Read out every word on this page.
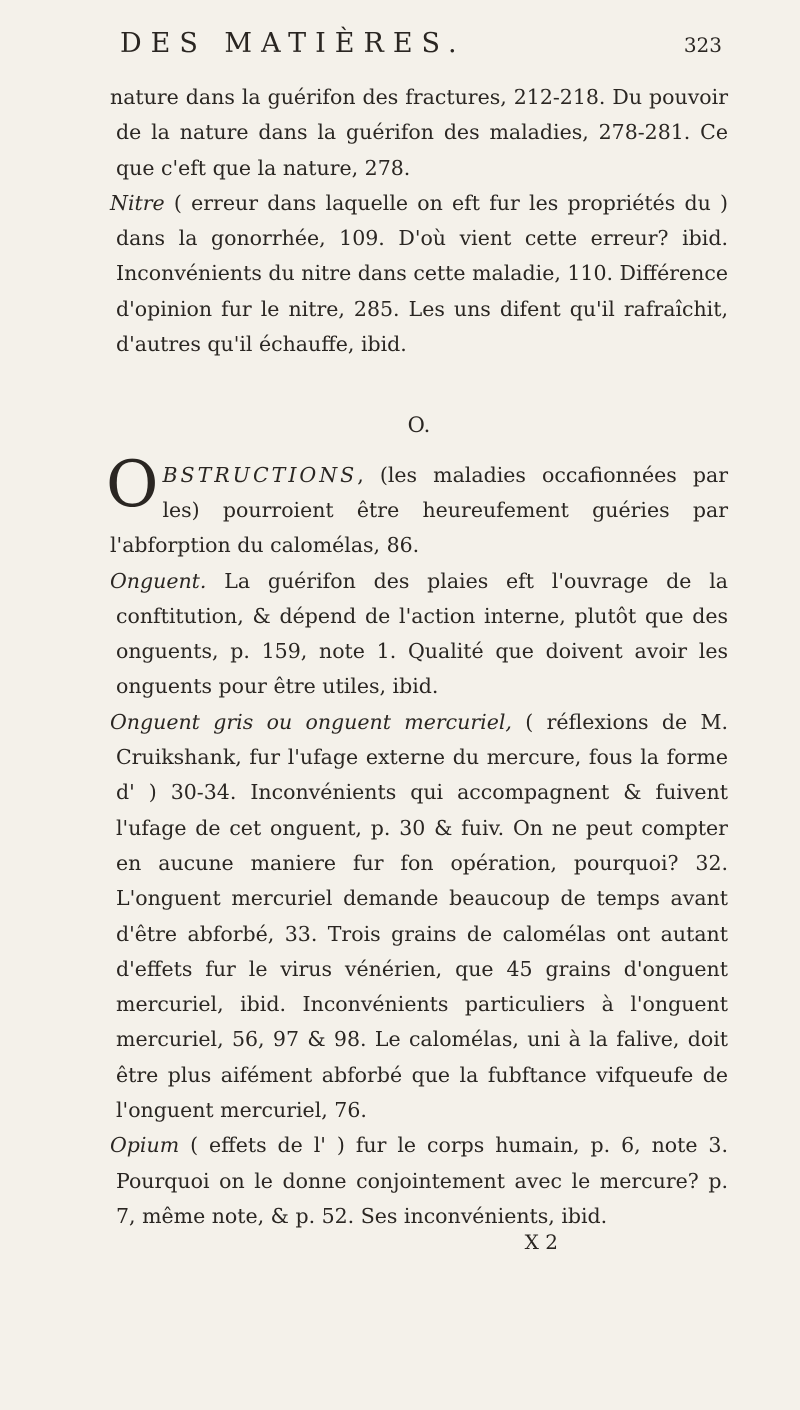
DES MATIÈRES.	323

nature dans la guérifon des fractures, 212-218. Du pouvoir de la nature dans la guérifon des maladies, 278-281. Ce que c'eft que la nature, 278.

Nitre ( erreur dans laquelle on eft fur les propriétés du ) dans la gonorrhée, 109. D'où vient cette erreur? ibid. Inconvénients du nitre dans cette maladie, 110. Différence d'opinion fur le nitre, 285. Les uns difent qu'il rafraîchit, d'autres qu'il échauffe, ibid.

O.

OBSTRUCTIONS, (les maladies occafionnées par les) pourroient être heureufement guéries par l'abforption du calomélas, 86.

Onguent. La guérifon des plaies eft l'ouvrage de la conftitution, & dépend de l'action interne, plutôt que des onguents, p. 159, note 1. Qualité que doivent avoir les onguents pour être utiles, ibid.

Onguent gris ou onguent mercuriel, ( réflexions de M. Cruikshank, fur l'ufage externe du mercure, fous la forme d' ) 30-34. Inconvénients qui accompagnent & fuivent l'ufage de cet onguent, p. 30 & fuiv. On ne peut compter en aucune maniere fur fon opération, pourquoi? 32. L'onguent mercuriel demande beaucoup de temps avant d'être abforbé, 33. Trois grains de calomélas ont autant d'effets fur le virus vénérien, que 45 grains d'onguent mercuriel, ibid. Inconvénients particuliers à l'onguent mercuriel, 56, 97 & 98. Le calomélas, uni à la falive, doit être plus aifément abforbé que la fubftance vifqueufe de l'onguent mercuriel, 76.

Opium ( effets de l' ) fur le corps humain, p. 6, note 3. Pourquoi on le donne conjointement avec le mercure? p. 7, même note, & p. 52. Ses inconvénients, ibid.

X 2
